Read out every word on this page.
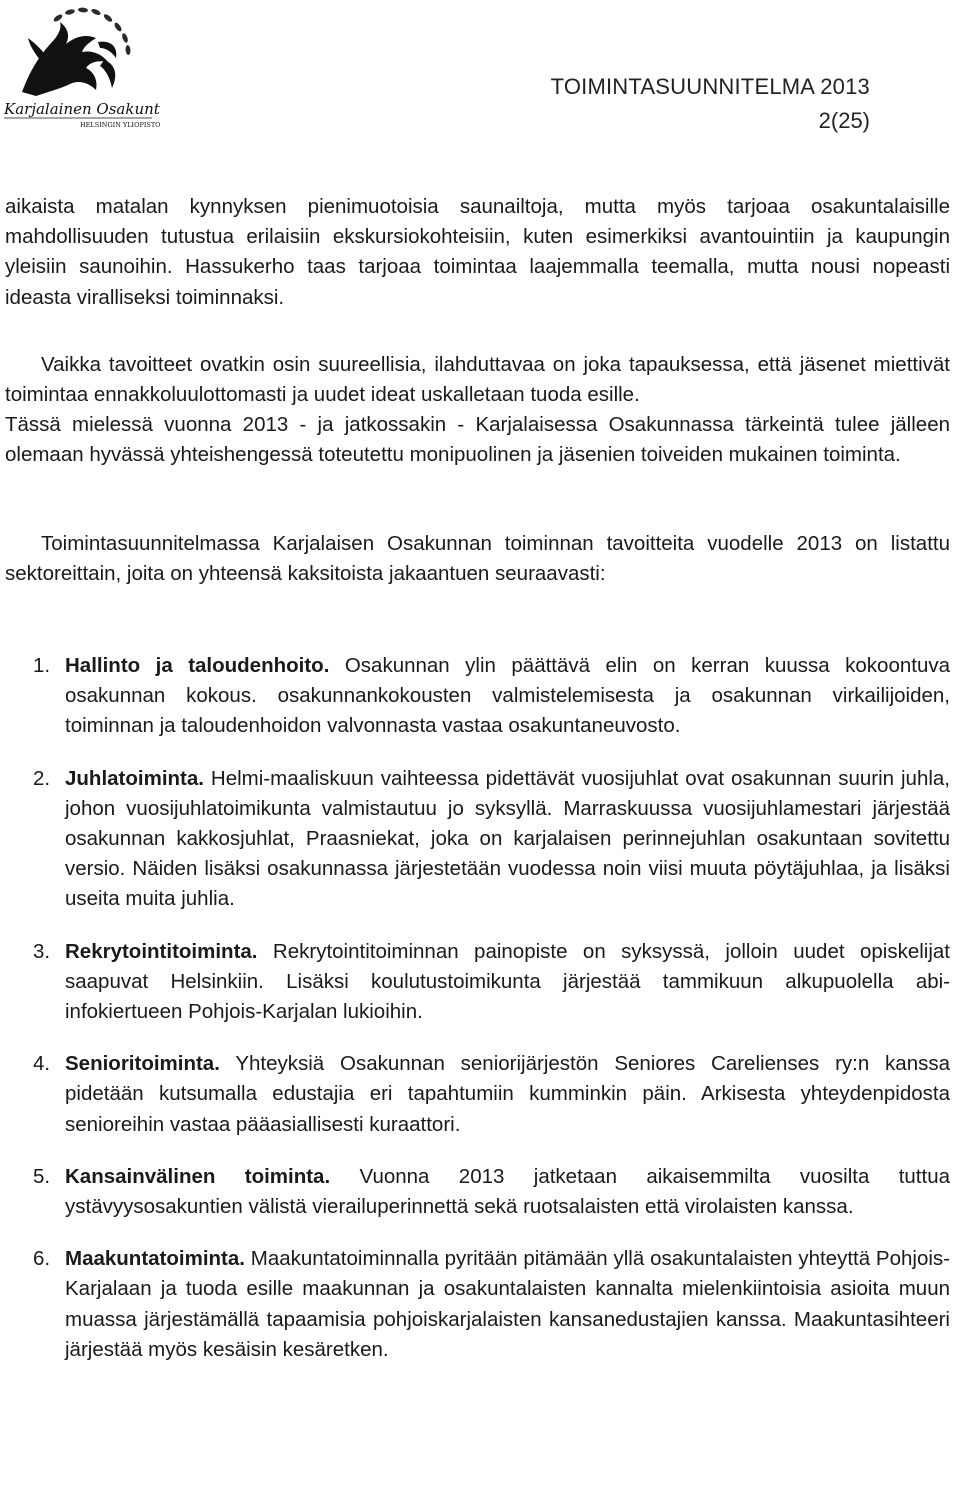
Karjalainen Osakunta
HELSINGIN YLIOPISTO
TOIMINTASUUNNITELMA 2013
2(25)

aikaista matalan kynnyksen pienimuotoisia saunailtoja, mutta myös tarjoaa osakuntalaisille mahdollisuuden tutustua erilaisiin ekskursiokohteisiin, kuten esimerkiksi avantouintiin ja kaupungin yleisiin saunoihin. Hassukerho taas tarjoaa toimintaa laajemmalla teemalla, mutta nousi nopeasti ideasta viralliseksi toiminnaksi.

Vaikka tavoitteet ovatkin osin suureellisia, ilahduttavaa on joka tapauksessa, että jäsenet miettivät toimintaa ennakkoluulottomasti ja uudet ideat uskalletaan tuoda esille.

Tässä mielessä vuonna 2013 - ja jatkossakin - Karjalaisessa Osakunnassa tärkeintä tulee jälleen olemaan hyvässä yhteishengessä toteutettu monipuolinen ja jäsenien toiveiden mukainen toiminta.

Toimintasuunnitelmassa Karjalaisen Osakunnan toiminnan tavoitteita vuodelle 2013 on listattu sektoreittain, joita on yhteensä kaksitoista jakaantuen seuraavasti:

1. Hallinto ja taloudenhoito. Osakunnan ylin päättävä elin on kerran kuussa kokoontuva osakunnan kokous. osakunnankokousten valmistelemisesta ja osakunnan virkailijoiden, toiminnan ja taloudenhoidon valvonnasta vastaa osakuntaneuvosto.
2. Juhlatoiminta. Helmi-maaliskuun vaihteessa pidettävät vuosijuhlat ovat osakunnan suurin juhla, johon vuosijuhlatoimikunta valmistautuu jo syksyllä. Marraskuussa vuosijuhlamestari järjestää osakunnan kakkosjuhlat, Praasniekat, joka on karjalaisen perinnejuhlan osakuntaan sovitettu versio. Näiden lisäksi osakunnassa järjestetään vuodessa noin viisi muuta pöytäjuhlaa, ja lisäksi useita muita juhlia.
3. Rekrytointitoiminta. Rekrytointitoiminnan painopiste on syksyssä, jolloin uudet opiskelijat saapuvat Helsinkiin. Lisäksi koulutustoimikunta järjestää tammikuun alkupuolella abi-infokiertueen Pohjois-Karjalan lukioihin.
4. Senioritoiminta. Yhteyksiä Osakunnan seniorijärjestön Seniores Carelienses ry:n kanssa pidetään kutsumalla edustajia eri tapahtumiin kumminkin päin. Arkisesta yhteydenpidosta senioreihin vastaa pääasiallisesti kuraattori.
5. Kansainvälinen toiminta. Vuonna 2013 jatketaan aikaisemmilta vuosilta tuttua ystävyysosakuntien välistä vierailuperinnettä sekä ruotsalaisten että virolaisten kanssa.
6. Maakuntatoiminta. Maakuntatoiminnalla pyritään pitämään yllä osakuntalaisten yhteyttä Pohjois-Karjalaan ja tuoda esille maakunnan ja osakuntalaisten kannalta mielenkiintoisia asioita muun muassa järjestämällä tapaamisia pohjoiskarjalaisten kansanedustajien kanssa. Maakuntasihteeri järjestää myös kesäisin kesäretken.
